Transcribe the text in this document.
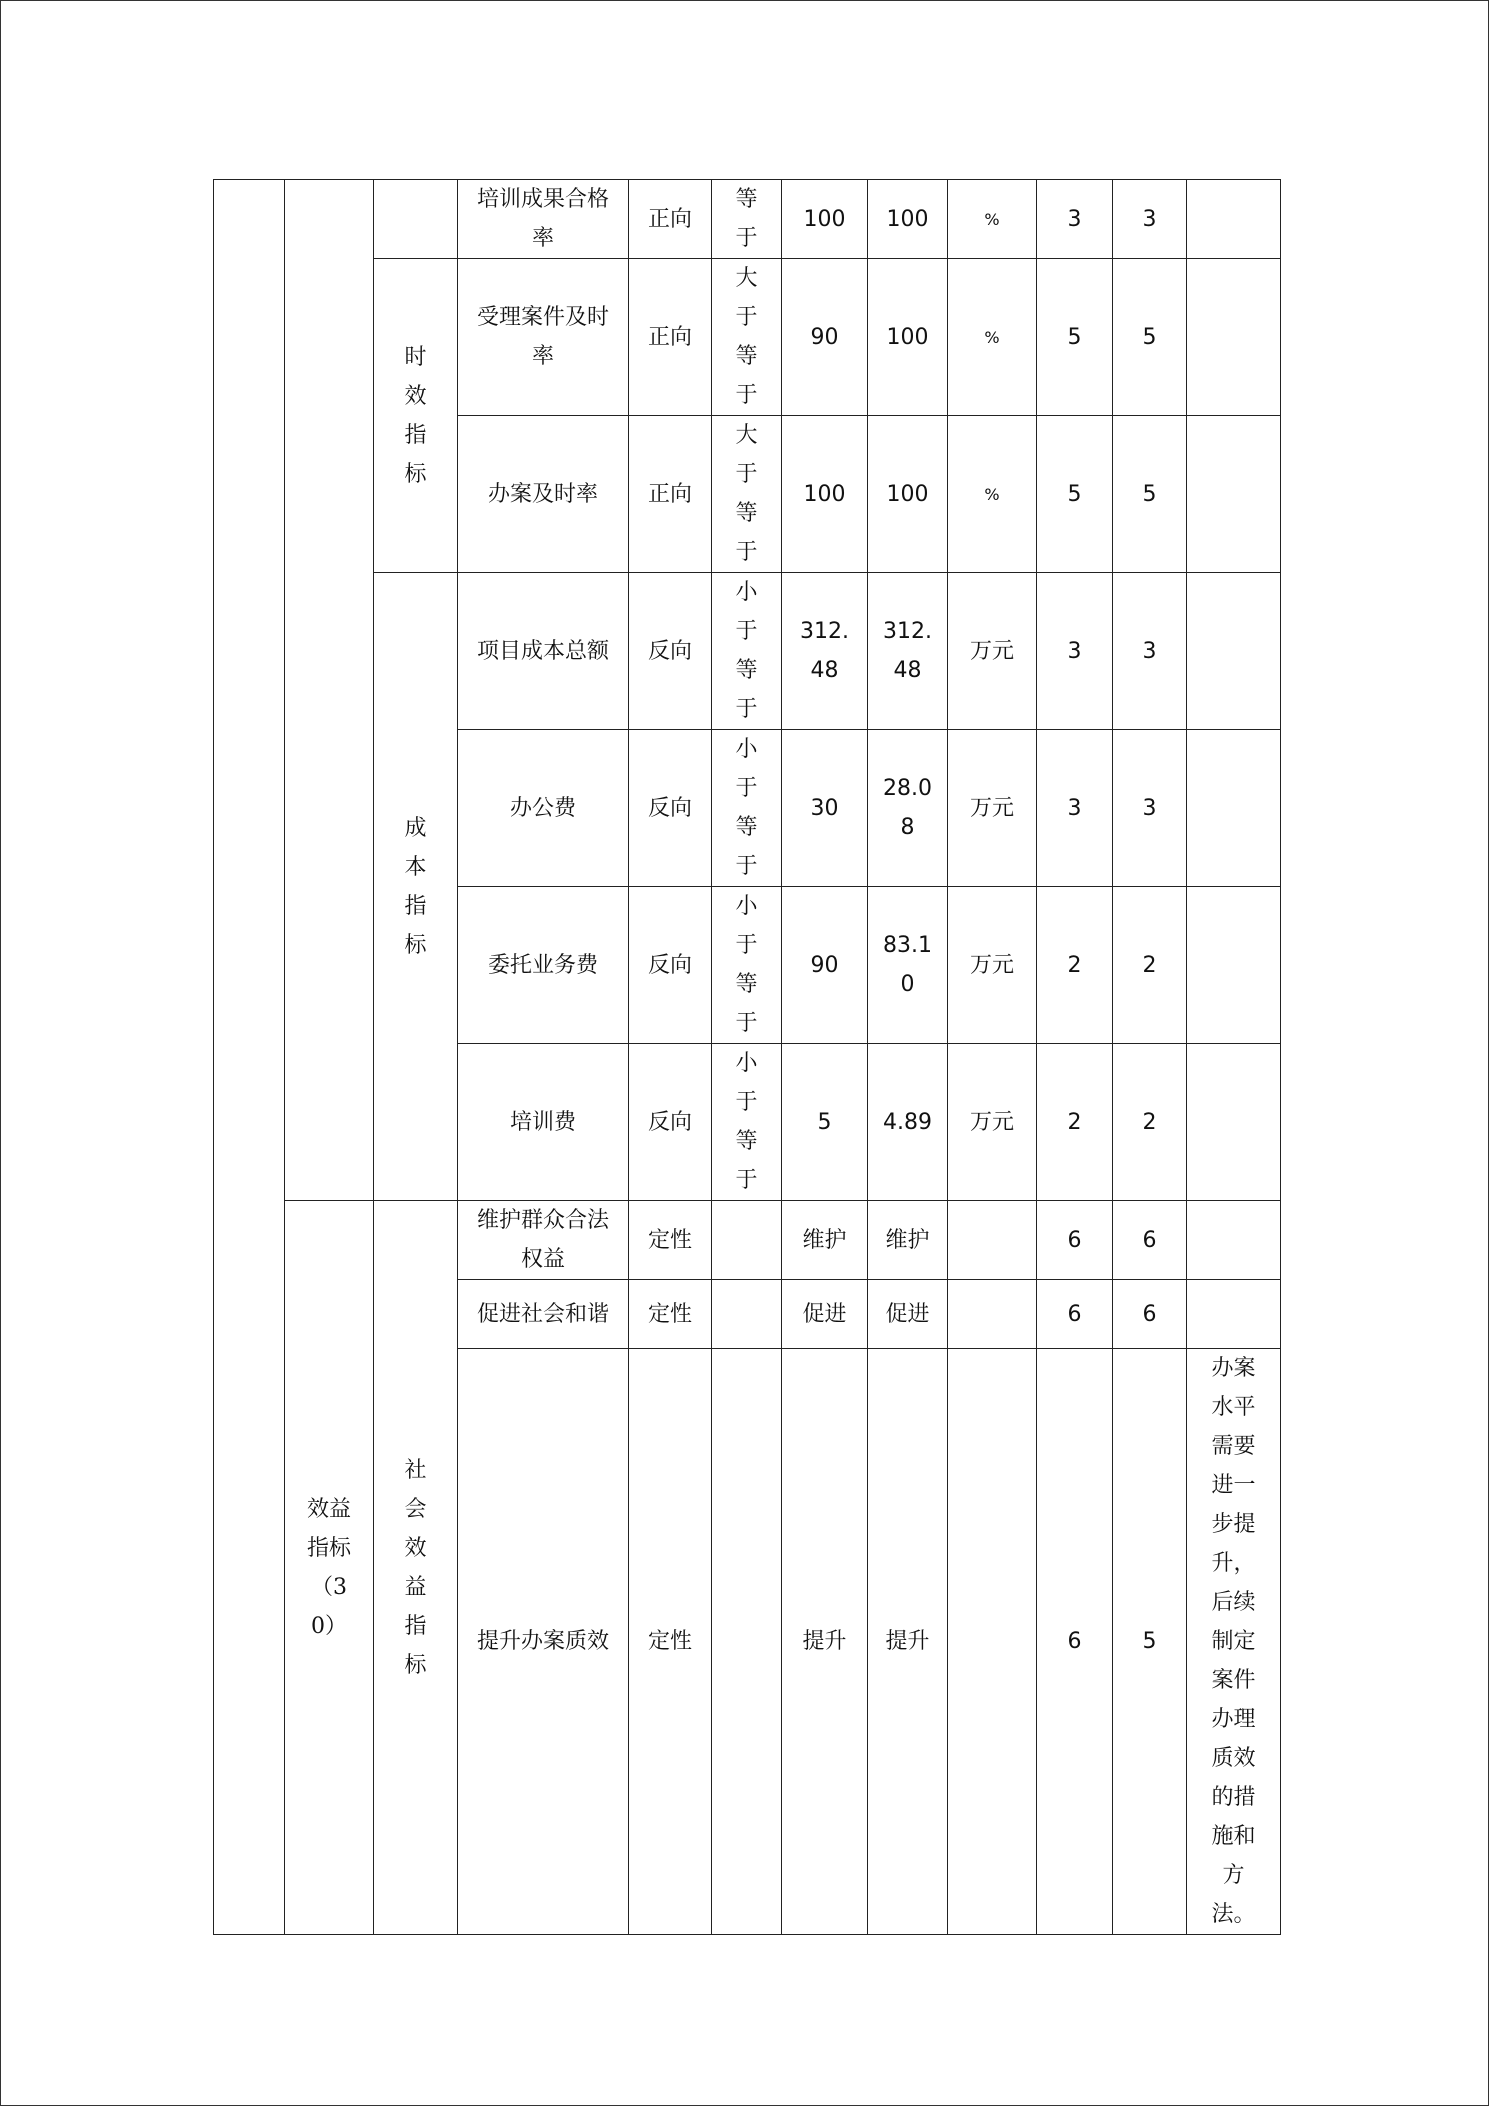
			培训成果合格率	正向	等于	100	100	%	3	3	
		时效指标	受理案件及时率	正向	大于等于	90	100	%	5	5	
			办案及时率	正向	大于等于	100	100	%	5	5	
		成本指标	项目成本总额	反向	小于等于	312.48	312.48	万元	3	3	
			办公费	反向	小于等于	30	28.08	万元	3	3	
			委托业务费	反向	小于等于	90	83.10	万元	2	2	
			培训费	反向	小于等于	5	4.89	万元	2	2	
	效益指标（30）	社会效益指标	维护群众合法权益	定性		维护	维护		6	6	
			促进社会和谐	定性		促进	促进		6	6	
			提升办案质效	定性		提升	提升		6	5	办案水平需要进一步提升，后续制定案件办理质效的措施和方法。
